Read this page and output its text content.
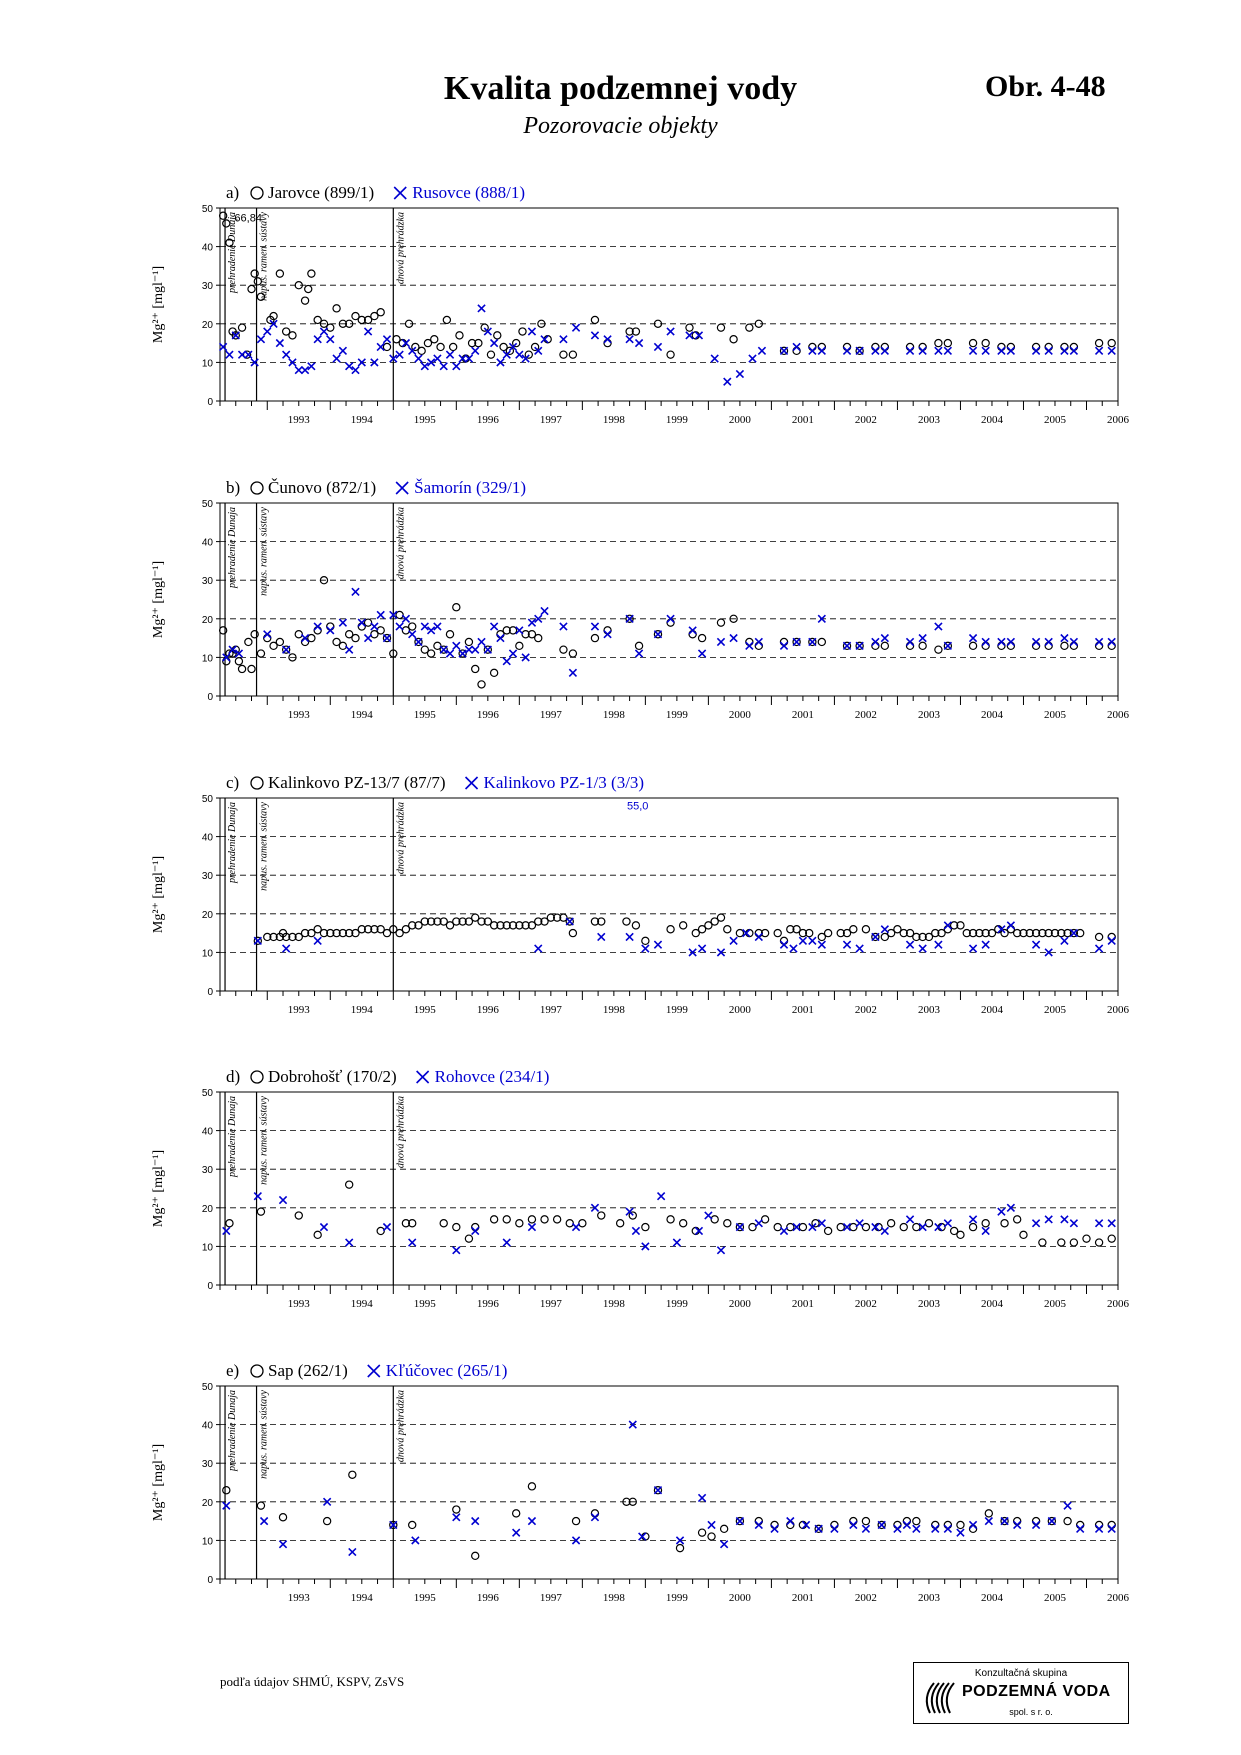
Kvalita podzemnej vody
Pozorovacie objekty
Obr. 4-48
0
10
20
30
40
50
Mg²⁺ [mgl⁻¹]
1993	1994	1995	1996	1997	1998	1999	2000	2001	2002	2003	2004	2005	2006
prehradenie Dunaja napus. ramen. sústavy	dnová prehrádzka
a) Jarovce (899/1) Rusovce (888/1)
66,84
0
10
20
30
40
50
Mg²⁺ [mgl⁻¹]
1993	1994	1995	1996	1997	1998	1999	2000	2001	2002	2003	2004	2005	2006
prehradenie Dunaja napus. ramen. sústavy	dnová prehrádzka
b) Čunovo (872/1) Šamorín (329/1)
0
10
20
30
40
50
Mg²⁺ [mgl⁻¹]
1993	1994	1995	1996	1997	1998	1999	2000	2001	2002	2003	2004	2005	2006
prehradenie Dunaja napus. ramen. sústavy	dnová prehrádzka
c) Kalinkovo PZ-13/7 (87/7) Kalinkovo PZ-1/3 (3/3)
55,0
0
10
20
30
40
50
Mg²⁺ [mgl⁻¹]
1993	1994	1995	1996	1997	1998	1999	2000	2001	2002	2003	2004	2005	2006
prehradenie Dunaja napus. ramen. sústavy	dnová prehrádzka
d) Dobrohošť (170/2) Rohovce (234/1)
0
10
20
30
40
50
Mg²⁺ [mgl⁻¹]
1993	1994	1995	1996	1997	1998	1999	2000	2001	2002	2003	2004	2005	2006
prehradenie Dunaja napus. ramen. sústavy	dnová prehrádzka
e) Sap (262/1) Kľúčovec (265/1)
podľa údajov SHMÚ, KSPV, ZsVS
Konzultačná skupina
PODZEMNÁ VODA
spol. s r. o.
